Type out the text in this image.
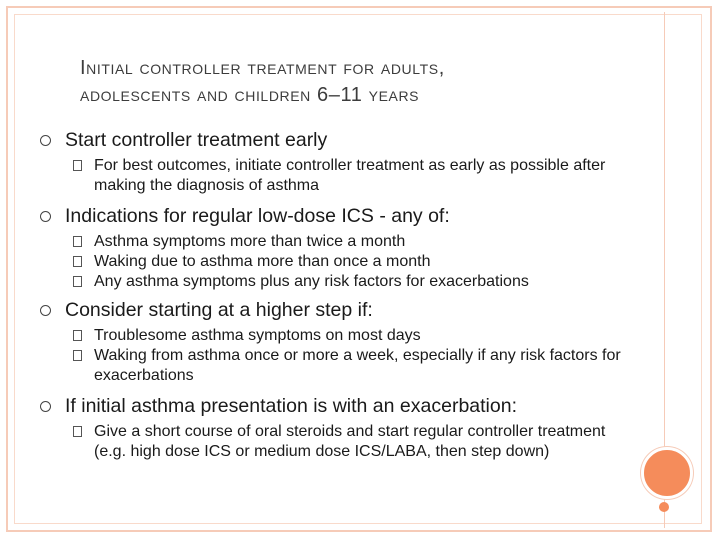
Initial controller treatment for adults,
adolescents and children 6–11 years
Start controller treatment early
For best outcomes, initiate controller treatment as early as possible after making the diagnosis of asthma
Indications for regular low-dose ICS - any of:
Asthma symptoms more than twice a month
Waking due to asthma more than once a month
Any asthma symptoms plus any risk factors for exacerbations
Consider starting at a higher step if:
Troublesome asthma symptoms on most days
Waking from asthma once or more a week, especially if any risk factors for exacerbations
If initial asthma presentation is with an exacerbation:
Give a short course of oral steroids and start regular controller treatment (e.g. high dose ICS or medium dose ICS/LABA, then step down)
